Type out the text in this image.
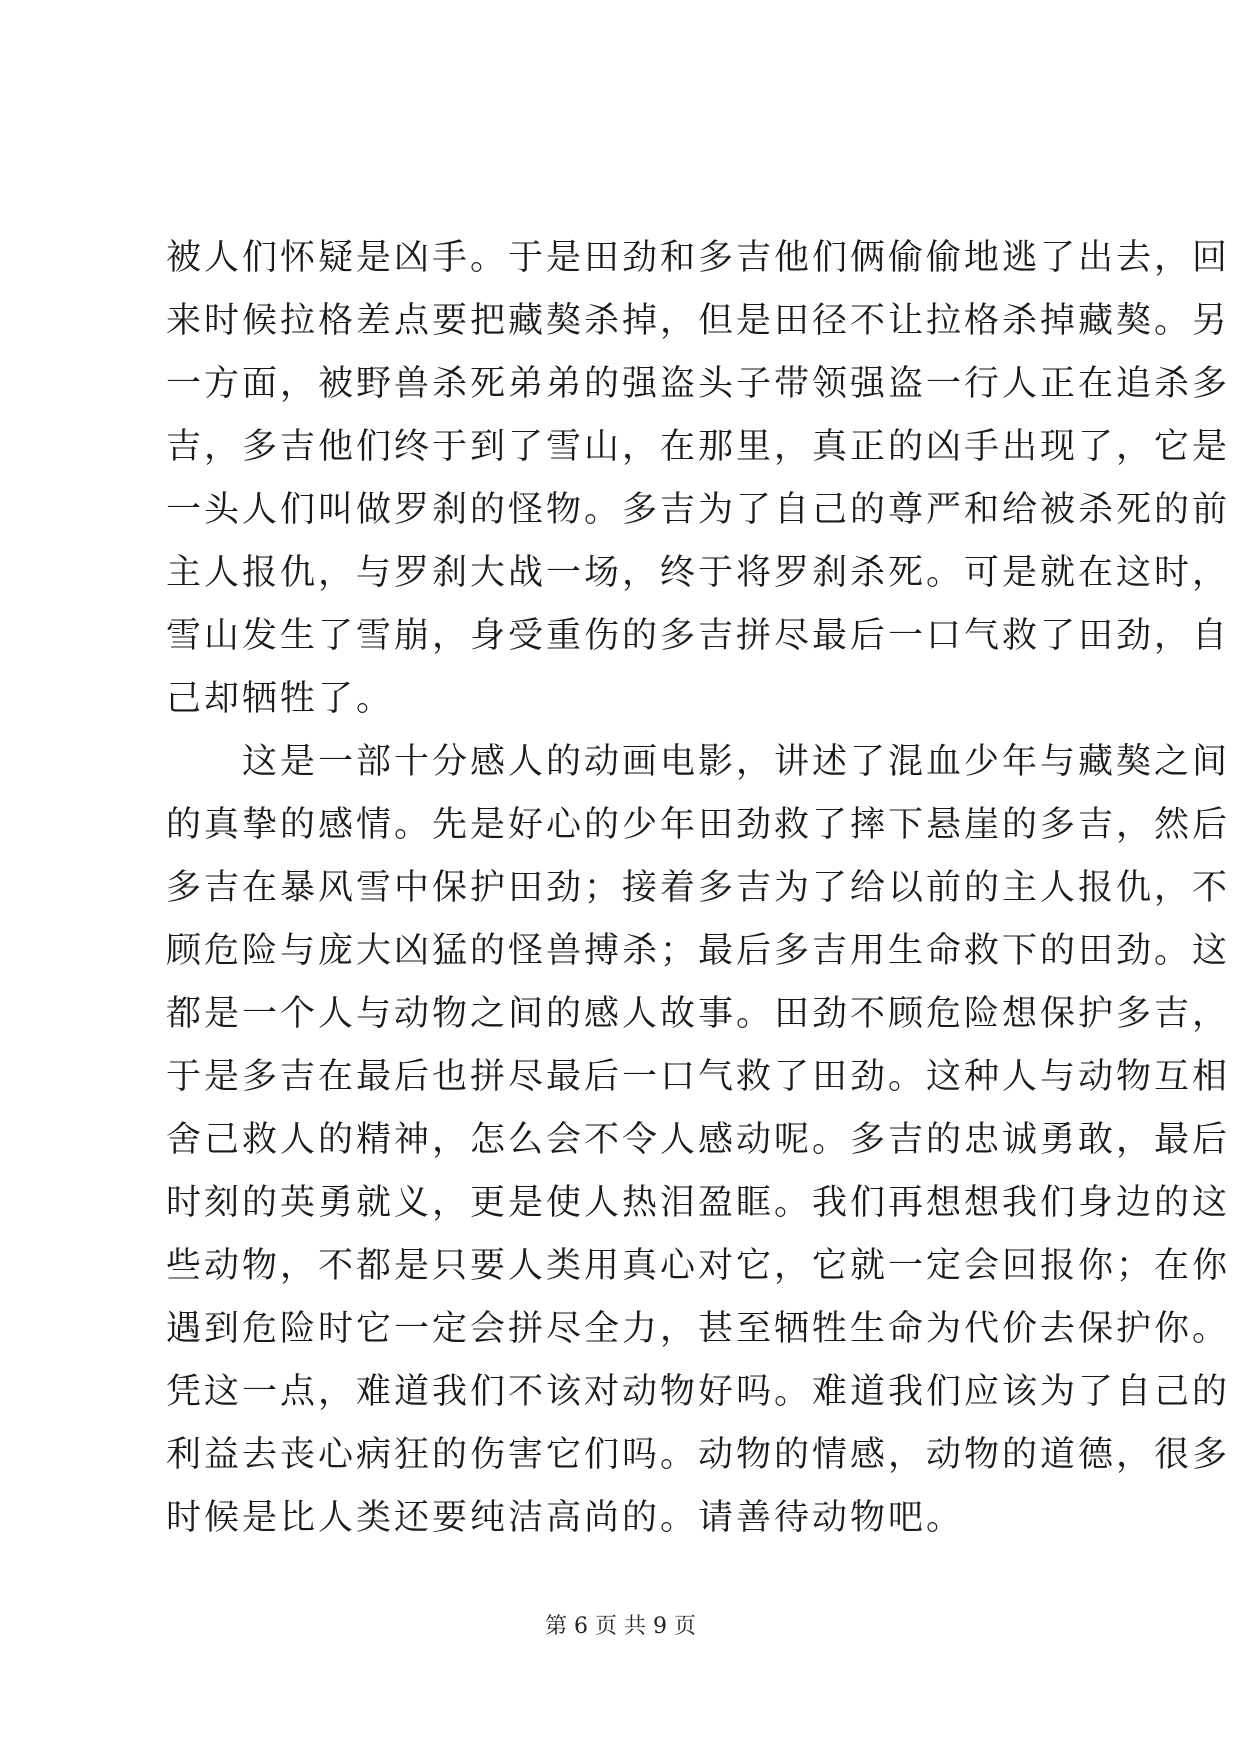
被人们怀疑是凶手。于是田劲和多吉他们俩偷偷地逃了出去，回
来时候拉格差点要把藏獒杀掉，但是田径不让拉格杀掉藏獒。另
一方面，被野兽杀死弟弟的强盗头子带领强盗一行人正在追杀多
吉，多吉他们终于到了雪山，在那里，真正的凶手出现了，它是
一头人们叫做罗刹的怪物。多吉为了自己的尊严和给被杀死的前
主人报仇，与罗刹大战一场，终于将罗刹杀死。可是就在这时，
雪山发生了雪崩，身受重伤的多吉拼尽最后一口气救了田劲，自
己却牺牲了。
　　这是一部十分感人的动画电影，讲述了混血少年与藏獒之间
的真挚的感情。先是好心的少年田劲救了摔下悬崖的多吉，然后
多吉在暴风雪中保护田劲；接着多吉为了给以前的主人报仇，不
顾危险与庞大凶猛的怪兽搏杀；最后多吉用生命救下的田劲。这
都是一个人与动物之间的感人故事。田劲不顾危险想保护多吉，
于是多吉在最后也拼尽最后一口气救了田劲。这种人与动物互相
舍己救人的精神，怎么会不令人感动呢。多吉的忠诚勇敢，最后
时刻的英勇就义，更是使人热泪盈眶。我们再想想我们身边的这
些动物，不都是只要人类用真心对它，它就一定会回报你；在你
遇到危险时它一定会拼尽全力，甚至牺牲生命为代价去保护你。
凭这一点，难道我们不该对动物好吗。难道我们应该为了自己的
利益去丧心病狂的伤害它们吗。动物的情感，动物的道德，很多
时候是比人类还要纯洁高尚的。请善待动物吧。
第 6 页 共 9 页
